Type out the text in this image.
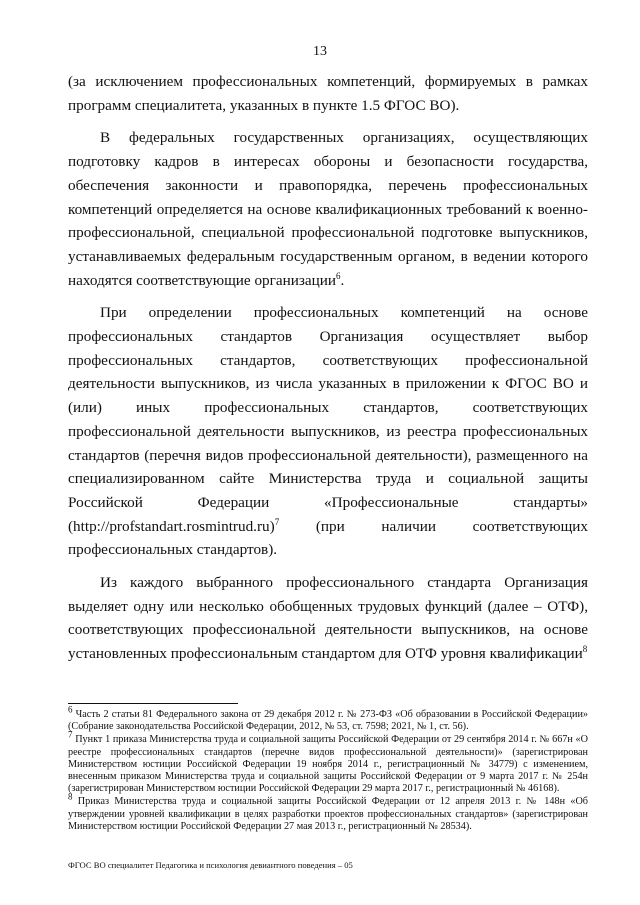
13

(за исключением профессиональных компетенций, формируемых в рамках программ специалитета, указанных в пункте 1.5 ФГОС ВО).

В федеральных государственных организациях, осуществляющих подготовку кадров в интересах обороны и безопасности государства, обеспечения законности и правопорядка, перечень профессиональных компетенций определяется на основе квалификационных требований к военно-профессиональной, специальной профессиональной подготовке выпускников, устанавливаемых федеральным государственным органом, в ведении которого находятся соответствующие организации$^6$.

При определении профессиональных компетенций на основе профессиональных стандартов Организация осуществляет выбор профессиональных стандартов, соответствующих профессиональной деятельности выпускников, из числа указанных в приложении к ФГОС ВО и (или) иных профессиональных стандартов, соответствующих профессиональной деятельности выпускников, из реестра профессиональных стандартов (перечня видов профессиональной деятельности), размещенного на специализированном сайте Министерства труда и социальной защиты Российской Федерации «Профессиональные стандарты» (http://profstandart.rosmintrud.ru)$^7$ (при наличии соответствующих профессиональных стандартов).

Из каждого выбранного профессионального стандарта Организация выделяет одну или несколько обобщенных трудовых функций (далее – ОТФ), соответствующих профессиональной деятельности выпускников, на основе установленных профессиональным стандартом для ОТФ уровня квалификации$^8$

$^6$ Часть 2 статьи 81 Федерального закона от 29 декабря 2012 г. № 273-ФЗ «Об образовании в Российской Федерации» (Собрание законодательства Российской Федерации, 2012, № 53, ст. 7598; 2021, № 1, ст. 56).

$^7$ Пункт 1 приказа Министерства труда и социальной защиты Российской Федерации от 29 сентября 2014 г. № 667н «О реестре профессиональных стандартов (перечне видов профессиональной деятельности)» (зарегистрирован Министерством юстиции Российской Федерации 19 ноября 2014 г., регистрационный № 34779) с изменением, внесенным приказом Министерства труда и социальной защиты Российской Федерации от 9 марта 2017 г. № 254н (зарегистрирован Министерством юстиции Российской Федерации 29 марта 2017 г., регистрационный № 46168).

$^8$ Приказ Министерства труда и социальной защиты Российской Федерации от 12 апреля 2013 г. № 148н «Об утверждении уровней квалификации в целях разработки проектов профессиональных стандартов» (зарегистрирован Министерством юстиции Российской Федерации 27 мая 2013 г., регистрационный № 28534).

ФГОС ВО специалитет Педагогика и психология девиантного поведения – 05
